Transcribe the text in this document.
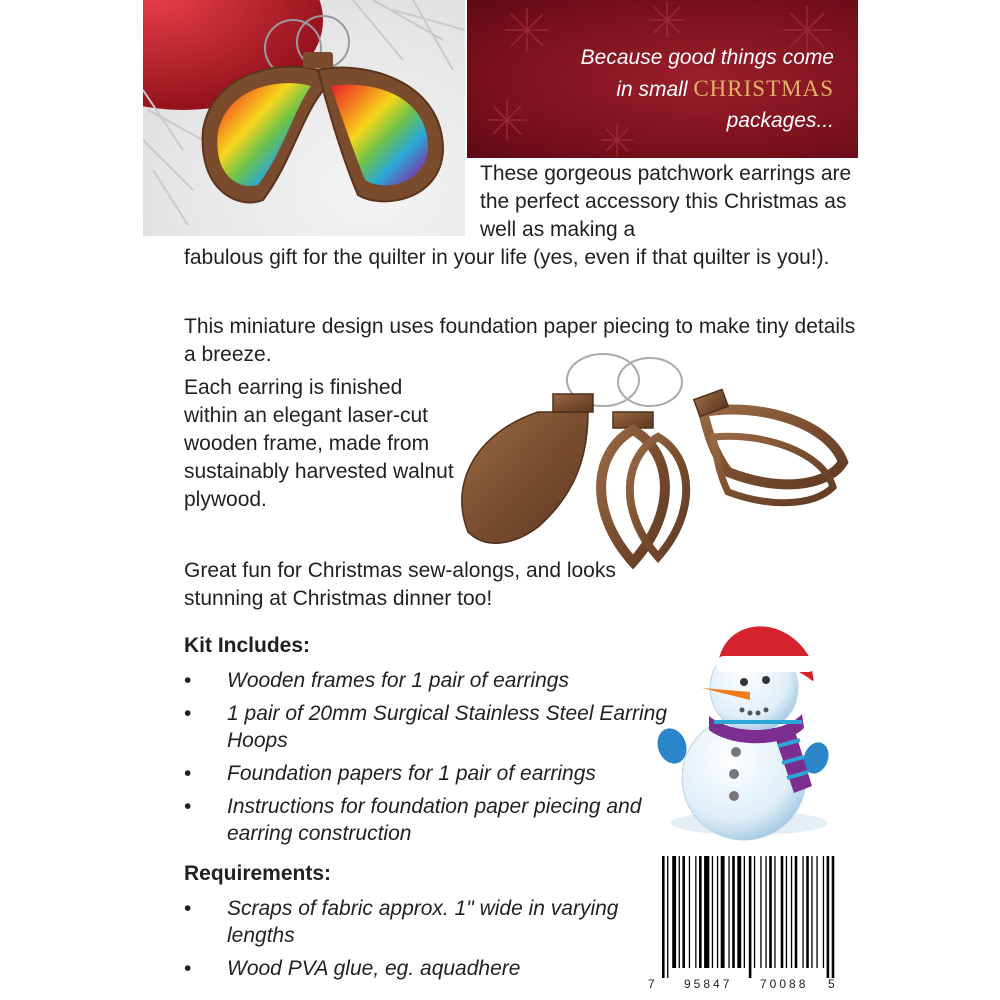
Because good things come
in small CHRISTMAS
packages...
These gorgeous patchwork earrings are the perfect accessory this Christmas as well as making a
fabulous gift for the quilter in your life (yes, even if that quilter is you!).
This miniature design uses foundation paper piecing to make tiny details a breeze.
Each earring is finished within an elegant laser-cut wooden frame, made from sustainably harvested walnut plywood.
Great fun for Christmas sew-alongs, and looks stunning at Christmas dinner too!
Kit Includes:
• Wooden frames for 1 pair of earrings
• 1 pair of 20mm Surgical Stainless Steel Earring Hoops
• Foundation papers for 1 pair of earrings
• Instructions for foundation paper piecing and earring construction
Requirements:
• Scraps of fabric approx. 1" wide in varying lengths
• Wood PVA glue, eg. aquadhere
7 95847 70088 5
